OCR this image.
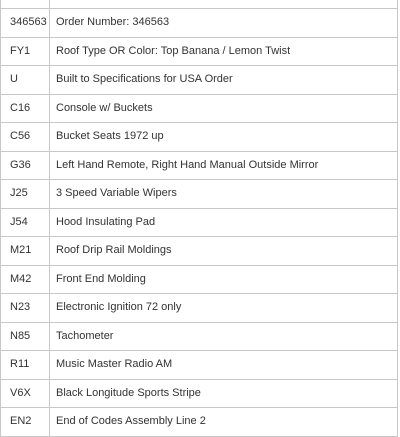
346563	Order Number: 346563
FY1	Roof Type OR Color: Top Banana / Lemon Twist
U	Built to Specifications for USA Order
C16	Console w/ Buckets
C56	Bucket Seats 1972 up
G36	Left Hand Remote, Right Hand Manual Outside Mirror
J25	3 Speed Variable Wipers
J54	Hood Insulating Pad
M21	Roof Drip Rail Moldings
M42	Front End Molding
N23	Electronic Ignition 72 only
N85	Tachometer
R11	Music Master Radio AM
V6X	Black Longitude Sports Stripe
EN2	End of Codes Assembly Line 2
